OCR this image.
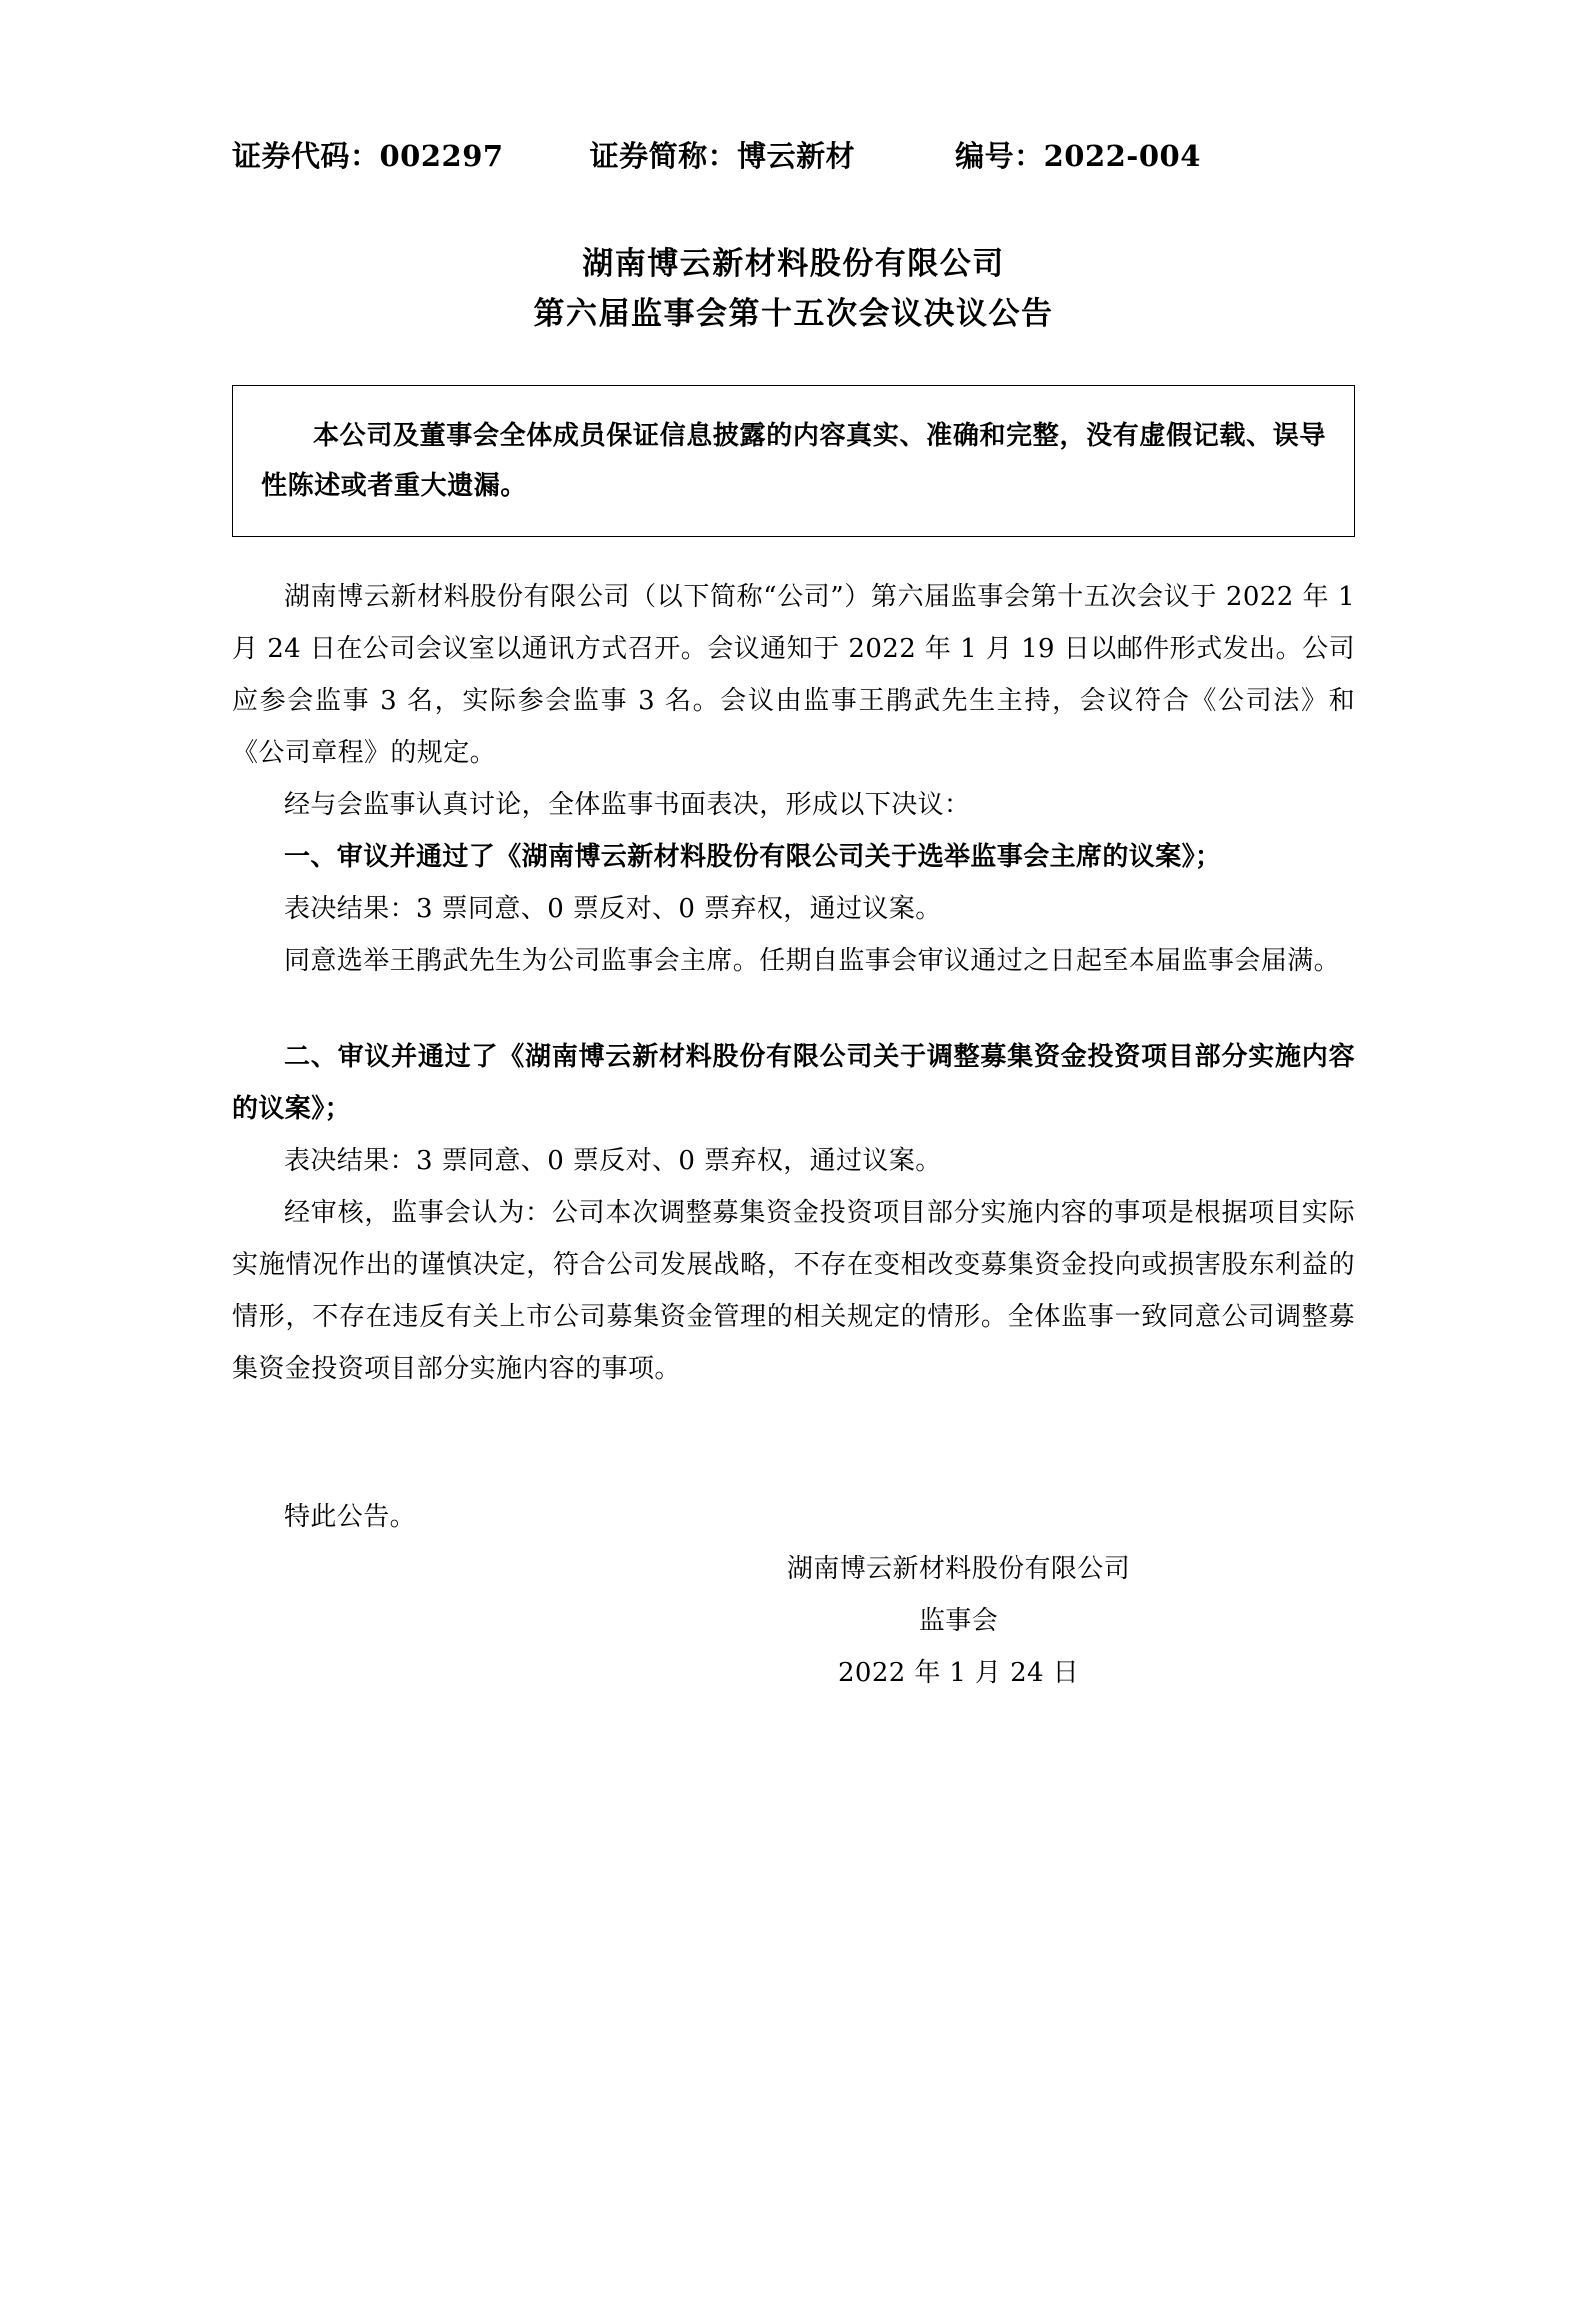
证券代码：002297	证券简称：博云新材	编号：2022-004
湖南博云新材料股份有限公司
第六届监事会第十五次会议决议公告

本公司及董事会全体成员保证信息披露的内容真实、准确和完整，没有虚假记载、误导性陈述或者重大遗漏。

湖南博云新材料股份有限公司（以下简称“公司”）第六届监事会第十五次会议于 2022 年 1 月 24 日在公司会议室以通讯方式召开。会议通知于 2022 年 1 月 19 日以邮件形式发出。公司应参会监事 3 名，实际参会监事 3 名。会议由监事王鹃武先生主持，会议符合《公司法》和《公司章程》的规定。

经与会监事认真讨论，全体监事书面表决，形成以下决议：

一、审议并通过了《湖南博云新材料股份有限公司关于选举监事会主席的议案》；

表决结果：3 票同意、0 票反对、0 票弃权，通过议案。

同意选举王鹃武先生为公司监事会主席。任期自监事会审议通过之日起至本届监事会届满。

二、审议并通过了《湖南博云新材料股份有限公司关于调整募集资金投资项目部分实施内容的议案》；

表决结果：3 票同意、0 票反对、0 票弃权，通过议案。

经审核，监事会认为：公司本次调整募集资金投资项目部分实施内容的事项是根据项目实际实施情况作出的谨慎决定，符合公司发展战略，不存在变相改变募集资金投向或损害股东利益的情形，不存在违反有关上市公司募集资金管理的相关规定的情形。全体监事一致同意公司调整募集资金投资项目部分实施内容的事项。

特此公告。

湖南博云新材料股份有限公司
监事会
2022 年 1 月 24 日
